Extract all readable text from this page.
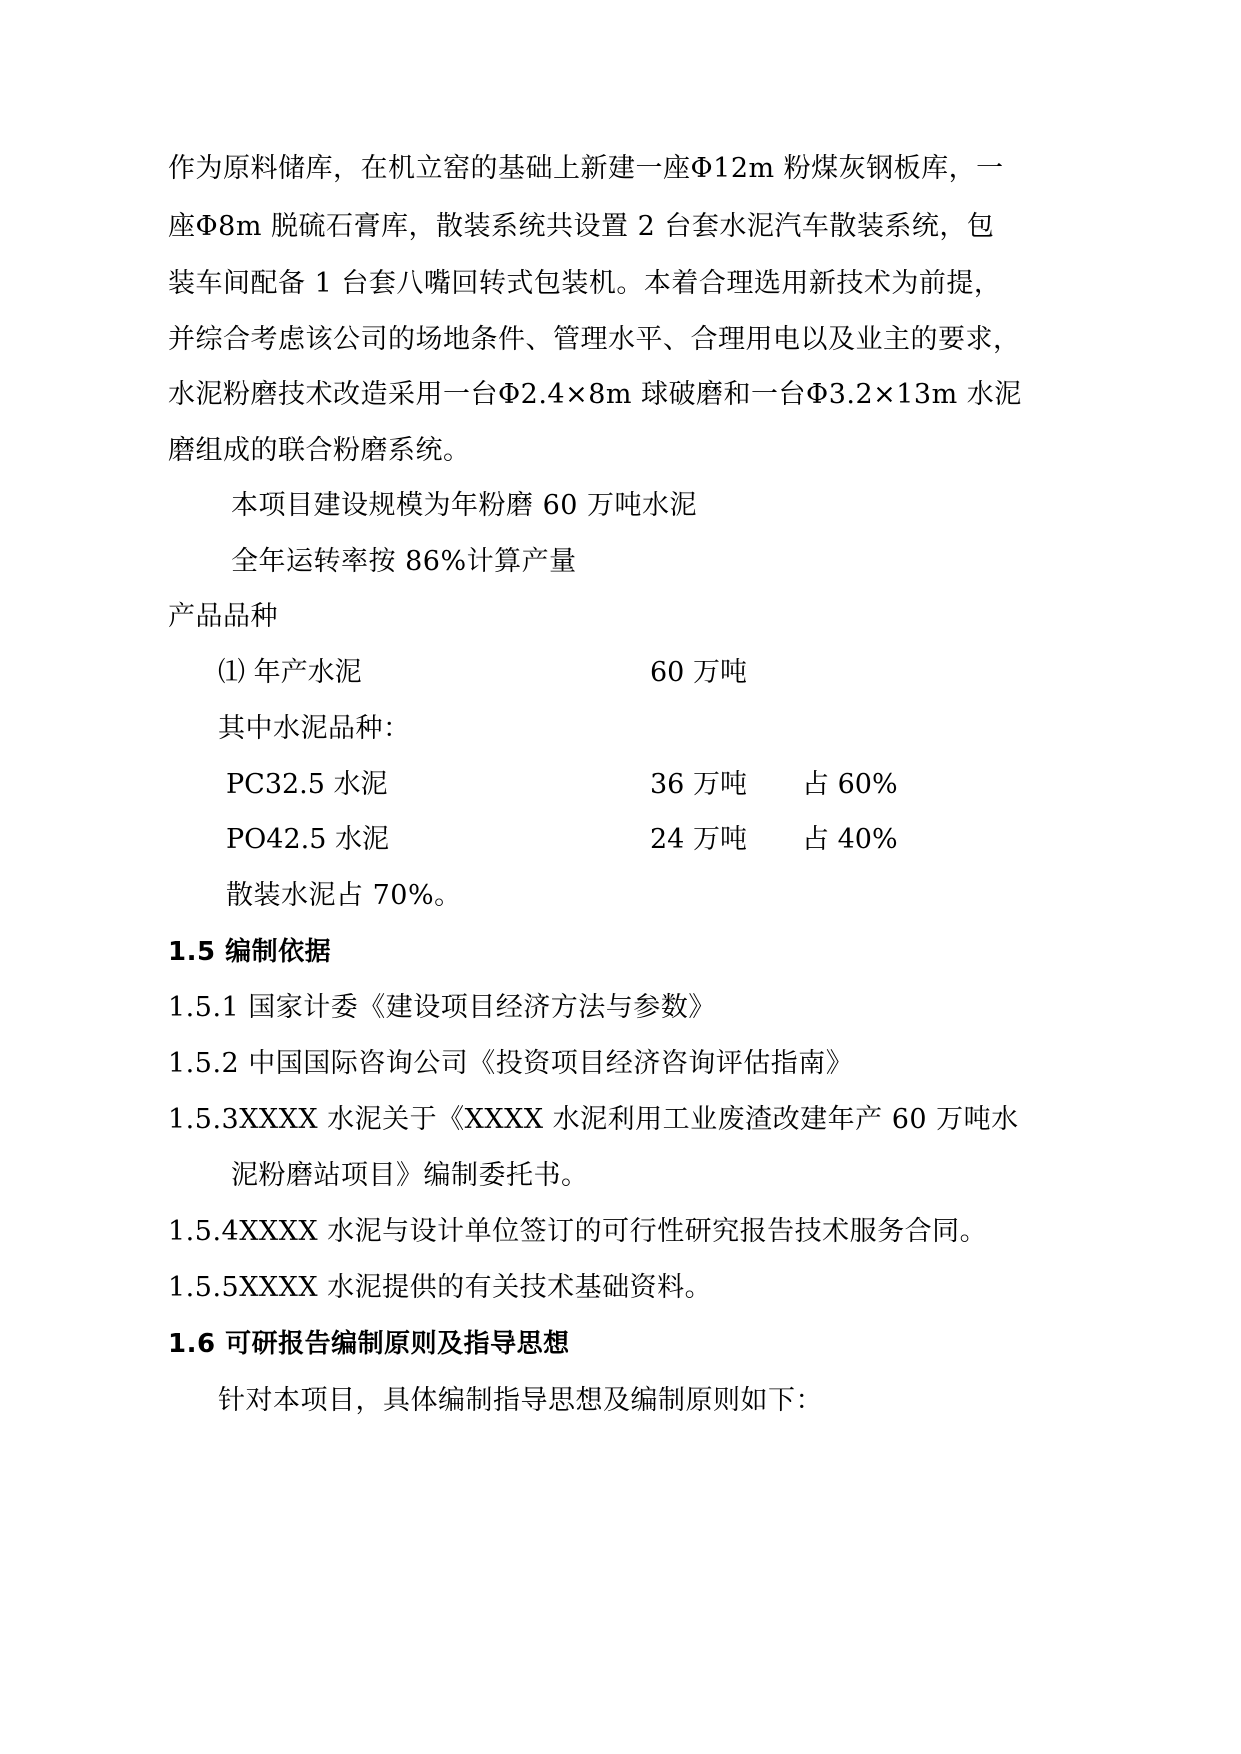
作为原料储库，在机立窑的基础上新建一座Φ12m 粉煤灰钢板库，一
座Φ8m 脱硫石膏库，散装系统共设置 2 台套水泥汽车散装系统，包
装车间配备 1 台套八嘴回转式包装机。本着合理选用新技术为前提，
并综合考虑该公司的场地条件、管理水平、合理用电以及业主的要求，
水泥粉磨技术改造采用一台Φ2.4×8m 球破磨和一台Φ3.2×13m 水泥
磨组成的联合粉磨系统。
本项目建设规模为年粉磨 60 万吨水泥
全年运转率按 86%计算产量
产品品种
⑴ 年产水泥	60 万吨
其中水泥品种：
PC32.5 水泥	36 万吨 占 60%
PO42.5 水泥	24 万吨 占 40%
散装水泥占 70%。
1.5 编制依据
1.5.1 国家计委《建设项目经济方法与参数》
1.5.2 中国国际咨询公司《投资项目经济咨询评估指南》
1.5.3XXXX 水泥关于《XXXX 水泥利用工业废渣改建年产 60 万吨水
泥粉磨站项目》编制委托书。
1.5.4XXXX 水泥与设计单位签订的可行性研究报告技术服务合同。
1.5.5XXXX 水泥提供的有关技术基础资料。
1.6 可研报告编制原则及指导思想
针对本项目，具体编制指导思想及编制原则如下：
